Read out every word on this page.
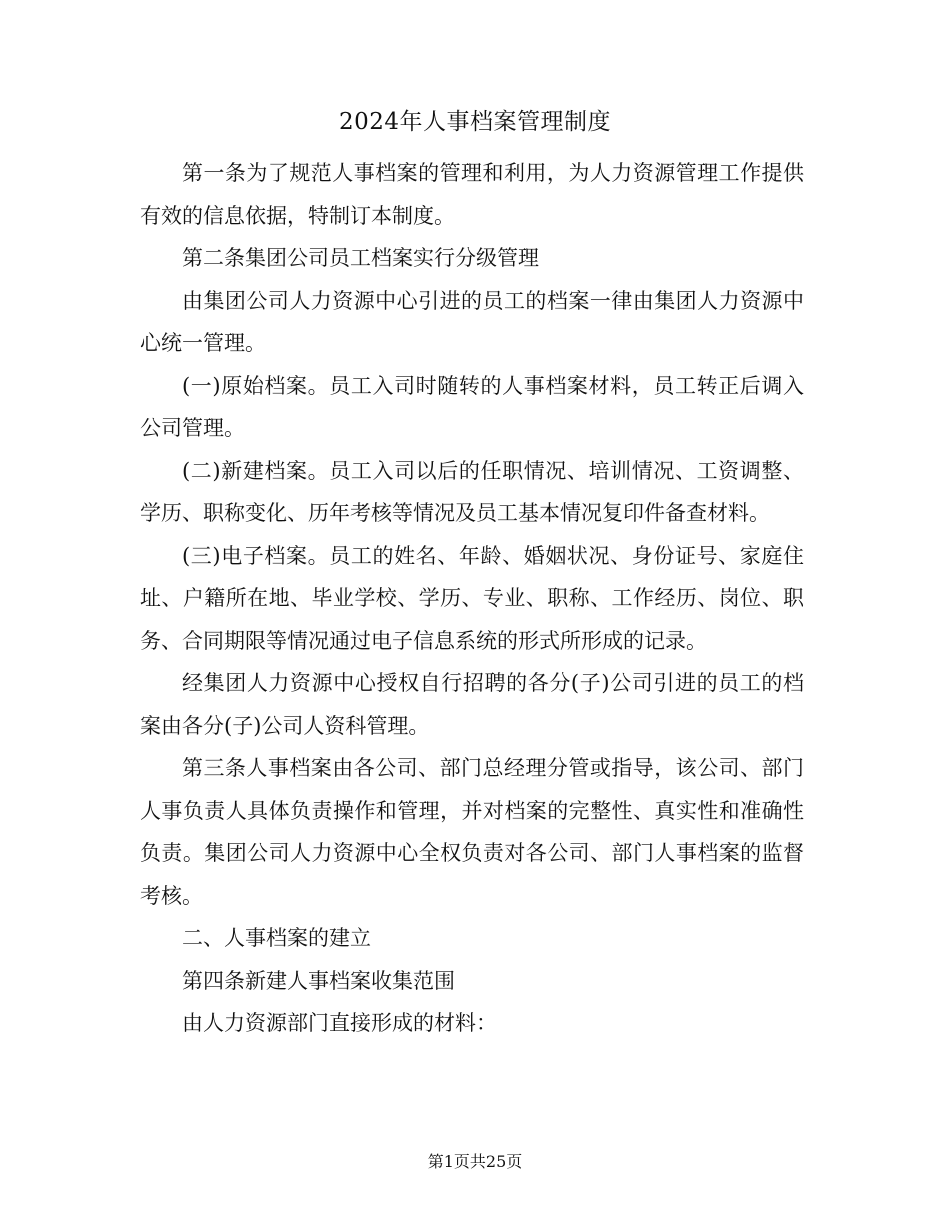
2024年人事档案管理制度

第一条为了规范人事档案的管理和利用，为人力资源管理工作提供有效的信息依据，特制订本制度。

第二条集团公司员工档案实行分级管理

由集团公司人力资源中心引进的员工的档案一律由集团人力资源中心统一管理。

(一)原始档案。员工入司时随转的人事档案材料，员工转正后调入公司管理。

(二)新建档案。员工入司以后的任职情况、培训情况、工资调整、学历、职称变化、历年考核等情况及员工基本情况复印件备查材料。

(三)电子档案。员工的姓名、年龄、婚姻状况、身份证号、家庭住址、户籍所在地、毕业学校、学历、专业、职称、工作经历、岗位、职务、合同期限等情况通过电子信息系统的形式所形成的记录。

经集团人力资源中心授权自行招聘的各分(子)公司引进的员工的档案由各分(子)公司人资科管理。

第三条人事档案由各公司、部门总经理分管或指导，该公司、部门人事负责人具体负责操作和管理，并对档案的完整性、真实性和准确性负责。集团公司人力资源中心全权负责对各公司、部门人事档案的监督考核。

二、人事档案的建立

第四条新建人事档案收集范围

由人力资源部门直接形成的材料：

第1页共25页
